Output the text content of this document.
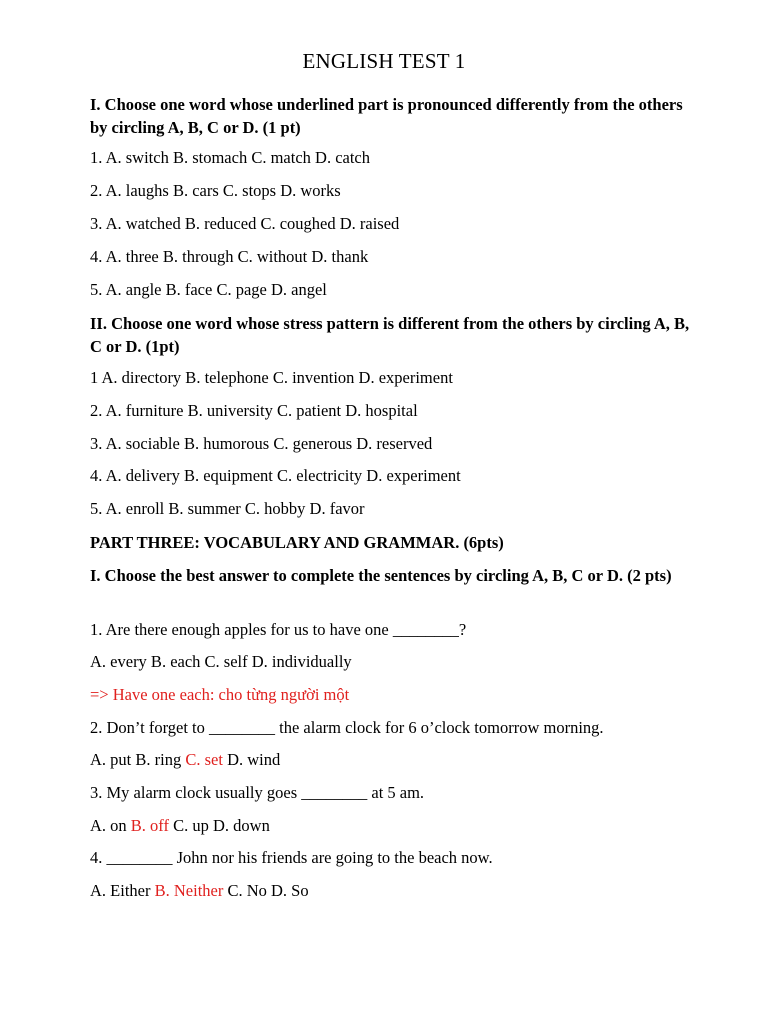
ENGLISH TEST 1
I. Choose one word whose underlined part is pronounced differently from the others by circling A, B, C or D. (1 pt)
1. A. switch B. stomach C. match D. catch
2. A. laughs B. cars C. stops D. works
3. A. watched B. reduced C. coughed D. raised
4. A. three B. through C. without D. thank
5. A. angle B. face C. page D. angel
II. Choose one word whose stress pattern is different from the others by circling A, B, C or D. (1pt)
1 A. directory B. telephone C. invention D. experiment
2. A. furniture B. university C. patient D. hospital
3. A. sociable B. humorous C. generous D. reserved
4. A. delivery B. equipment C. electricity D. experiment
5. A. enroll B. summer C. hobby D. favor
PART THREE: VOCABULARY AND GRAMMAR. (6pts)
I. Choose the best answer to complete the sentences by circling A, B, C or D. (2 pts)
1. Are there enough apples for us to have one ________?
A. every B. each C. self D. individually
=> Have one each: cho từng người một
2. Don’t forget to ________ the alarm clock for 6 o’clock tomorrow morning.
A. put B. ring C. set D. wind
3. My alarm clock usually goes ________ at 5 am.
A. on B. off C. up D. down
4. ________ John nor his friends are going to the beach now.
A. Either B. Neither C. No D. So
